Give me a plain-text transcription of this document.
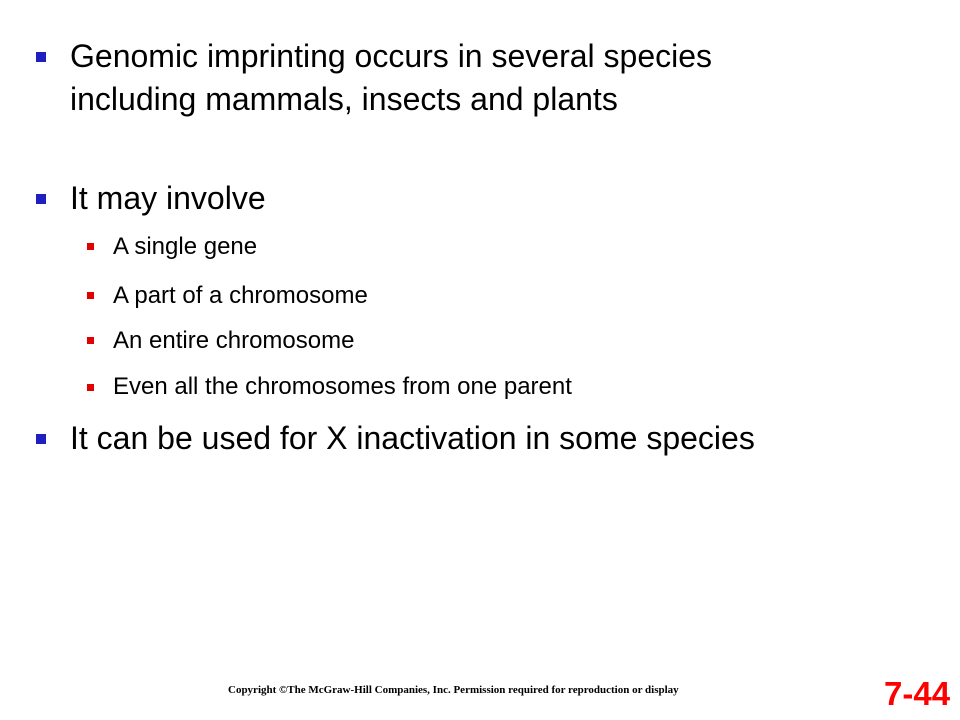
Genomic imprinting occurs in several species
including mammals, insects and plants
It may involve
A single gene
A part of a chromosome
An entire chromosome
Even all the chromosomes from one parent
It can be used for X inactivation in some species
Copyright ©The McGraw-Hill Companies, Inc. Permission required for reproduction or display	7-44
